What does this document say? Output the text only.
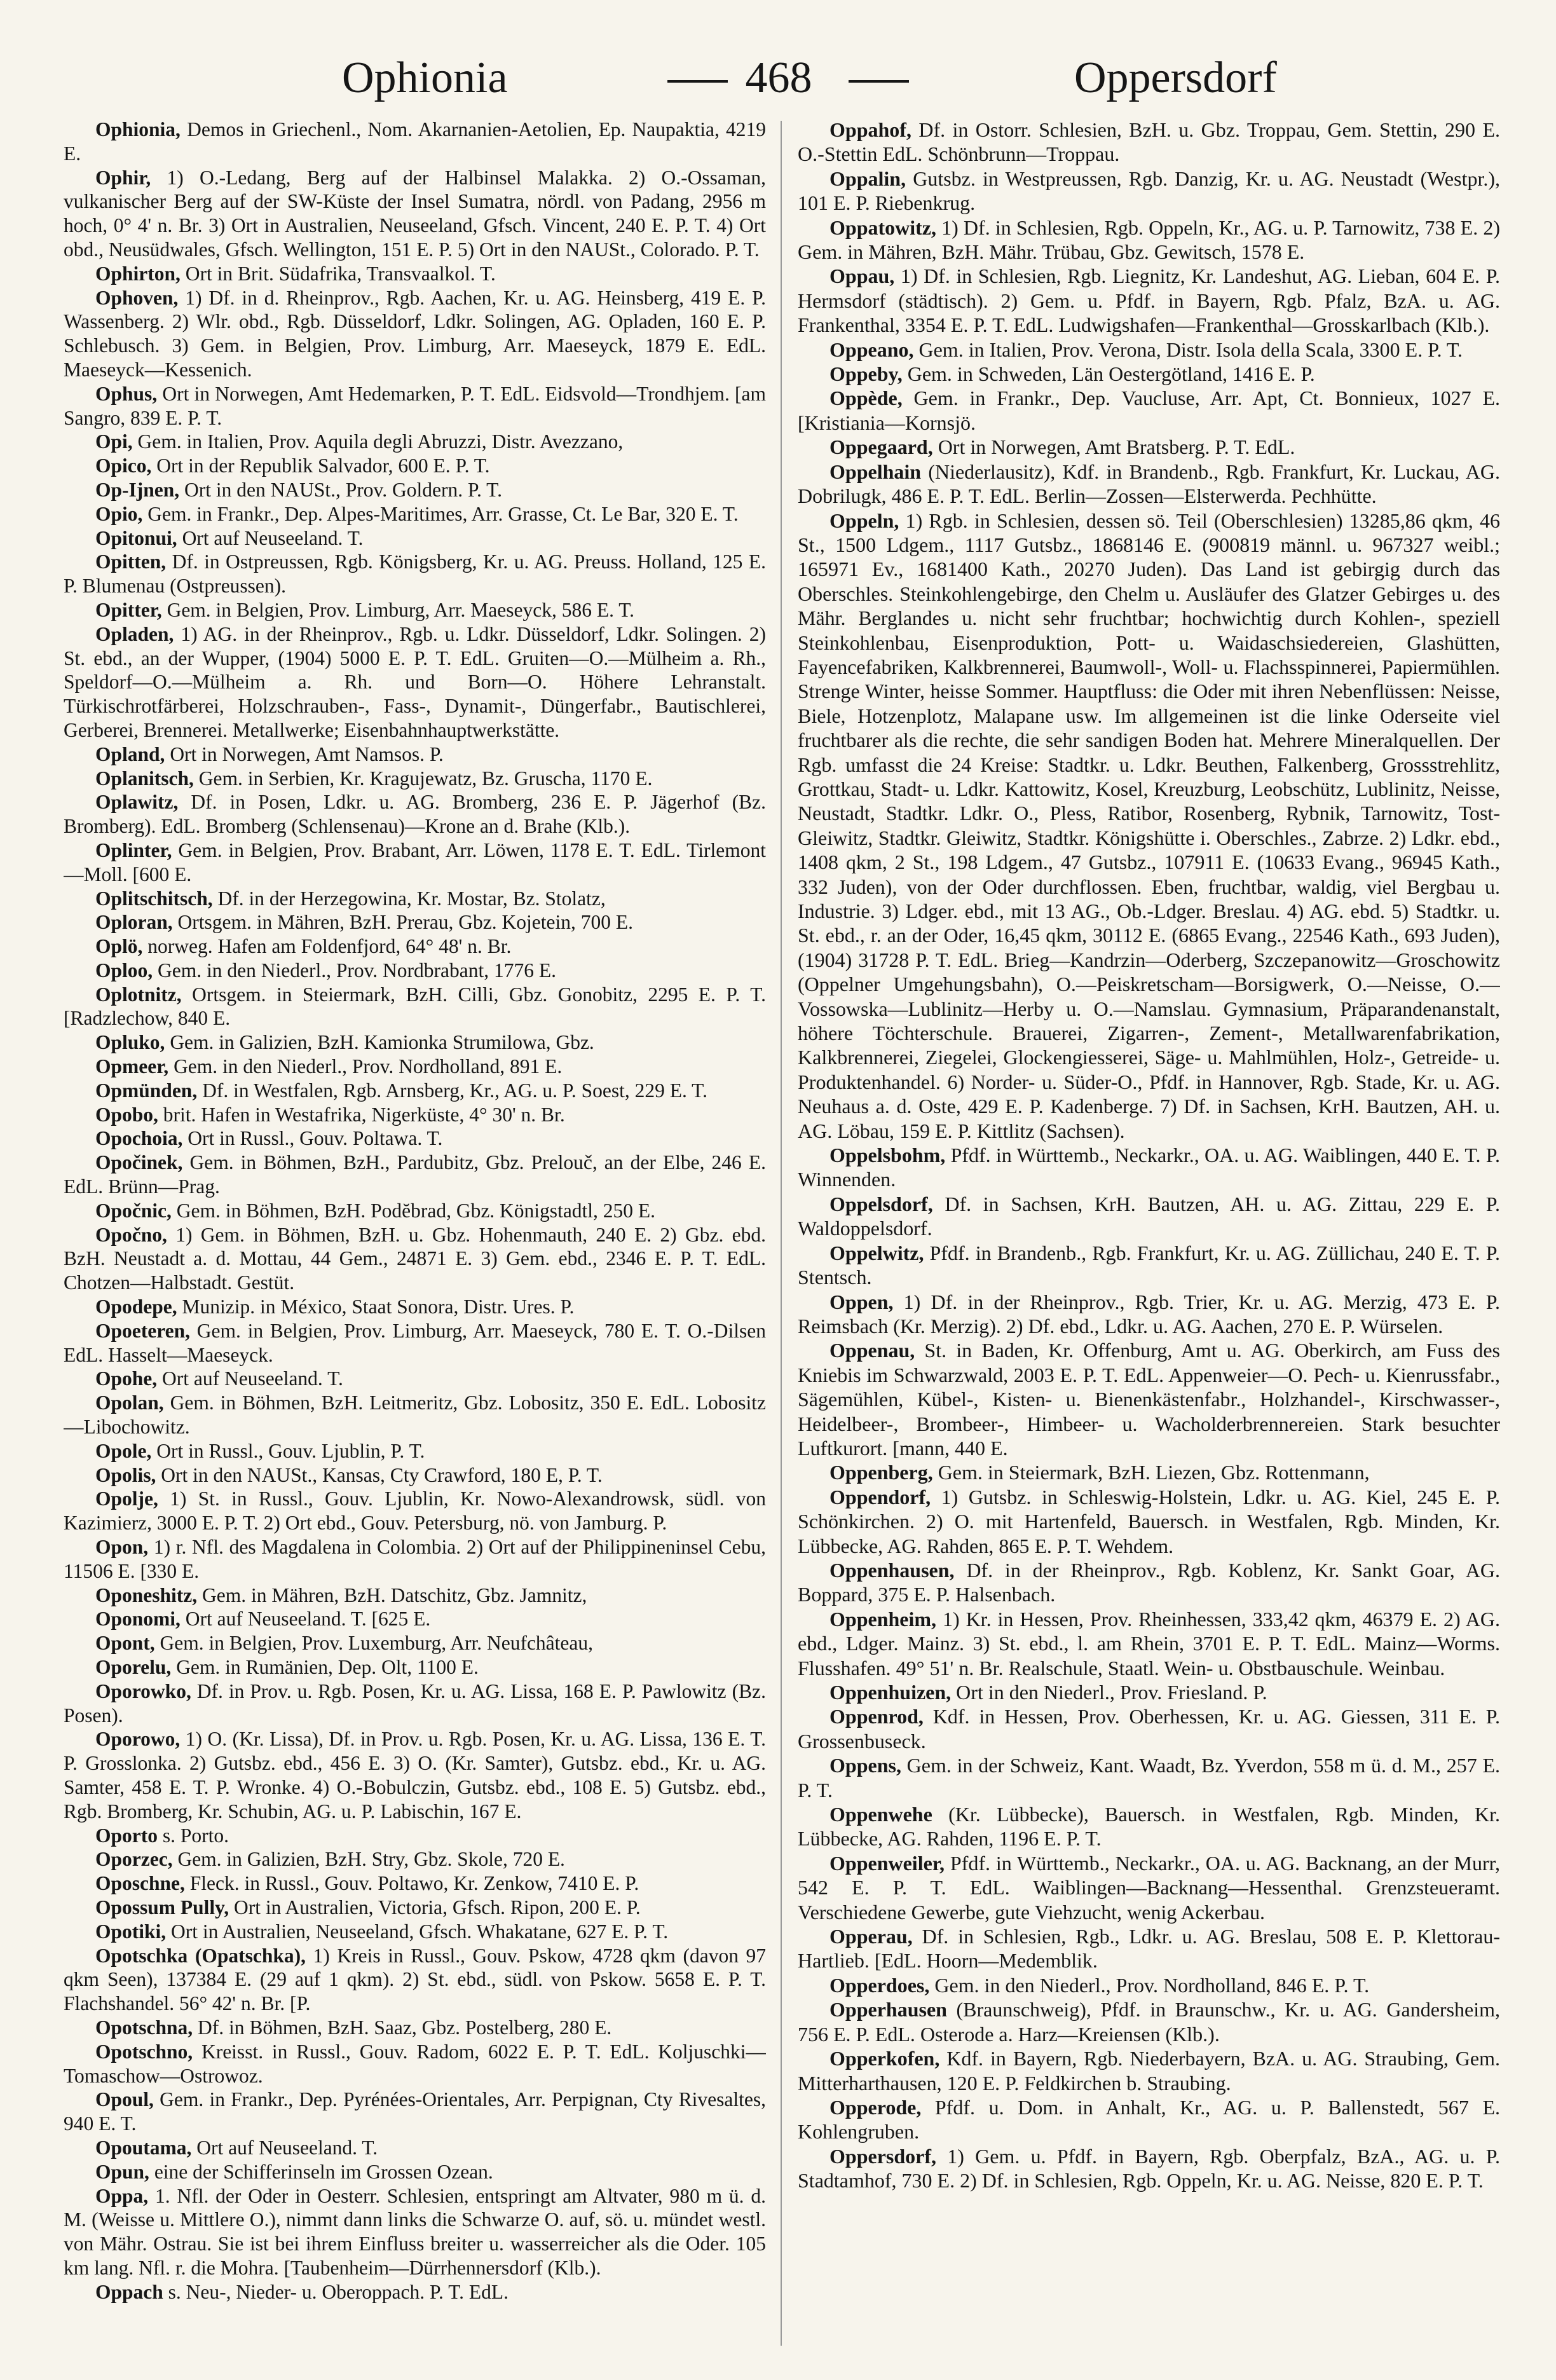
Ophionia	468	Oppersdorf

Ophionia, Demos in Griechenl., Nom. Akarnanien-Aetolien, Ep. Naupaktia, 4219 E.

Ophir, 1) O.-Ledang, Berg auf der Halbinsel Malakka. 2) O.-Ossaman, vulkanischer Berg auf der SW-Küste der Insel Sumatra, nördl. von Padang, 2956 m hoch, 0° 4' n. Br. 3) Ort in Australien, Neuseeland, Gfsch. Vincent, 240 E. P. T. 4) Ort obd., Neusüdwales, Gfsch. Wellington, 151 E. P. 5) Ort in den NAUSt., Colorado. P. T.

Ophirton, Ort in Brit. Südafrika, Transvaalkol. T.

Ophoven, 1) Df. in d. Rheinprov., Rgb. Aachen, Kr. u. AG. Heinsberg, 419 E. P. Wassenberg. 2) Wlr. obd., Rgb. Düsseldorf, Ldkr. Solingen, AG. Opladen, 160 E. P. Schlebusch. 3) Gem. in Belgien, Prov. Limburg, Arr. Maeseyck, 1879 E. EdL. Maeseyck—Kessenich.

Ophus, Ort in Norwegen, Amt Hedemarken, P. T. EdL. Eidsvold—Trondhjem. [am Sangro, 839 E. P. T.

Opi, Gem. in Italien, Prov. Aquila degli Abruzzi, Distr. Avezzano,

Opico, Ort in der Republik Salvador, 600 E. P. T.

Op-Ijnen, Ort in den NAUSt., Prov. Goldern. P. T.

Opio, Gem. in Frankr., Dep. Alpes-Maritimes, Arr. Grasse, Ct. Le Bar, 320 E. T.

Opitonui, Ort auf Neuseeland. T.

Opitten, Df. in Ostpreussen, Rgb. Königsberg, Kr. u. AG. Preuss. Holland, 125 E. P. Blumenau (Ostpreussen).

Opitter, Gem. in Belgien, Prov. Limburg, Arr. Maeseyck, 586 E. T.

Opladen, 1) AG. in der Rheinprov., Rgb. u. Ldkr. Düsseldorf, Ldkr. Solingen. 2) St. ebd., an der Wupper, (1904) 5000 E. P. T. EdL. Gruiten—O.—Mülheim a. Rh., Speldorf—O.—Mülheim a. Rh. und Born—O. Höhere Lehranstalt. Türkischrotfärberei, Holzschrauben-, Fass-, Dynamit-, Düngerfabr., Bautischlerei, Gerberei, Brennerei. Metallwerke; Eisenbahnhauptwerkstätte.

Opland, Ort in Norwegen, Amt Namsos. P.

Oplanitsch, Gem. in Serbien, Kr. Kragujewatz, Bz. Gruscha, 1170 E.

Oplawitz, Df. in Posen, Ldkr. u. AG. Bromberg, 236 E. P. Jägerhof (Bz. Bromberg). EdL. Bromberg (Schlensenau)—Krone an d. Brahe (Klb.).

Oplinter, Gem. in Belgien, Prov. Brabant, Arr. Löwen, 1178 E. T. EdL. Tirlemont—Moll. [600 E.

Oplitschitsch, Df. in der Herzegowina, Kr. Mostar, Bz. Stolatz,

Oploran, Ortsgem. in Mähren, BzH. Prerau, Gbz. Kojetein, 700 E.

Oplö, norweg. Hafen am Foldenfjord, 64° 48' n. Br.

Oploo, Gem. in den Niederl., Prov. Nordbrabant, 1776 E.

Oplotnitz, Ortsgem. in Steiermark, BzH. Cilli, Gbz. Gonobitz, 2295 E. P. T. [Radzlechow, 840 E.

Opluko, Gem. in Galizien, BzH. Kamionka Strumilowa, Gbz.

Opmeer, Gem. in den Niederl., Prov. Nordholland, 891 E.

Opmünden, Df. in Westfalen, Rgb. Arnsberg, Kr., AG. u. P. Soest, 229 E. T.

Opobo, brit. Hafen in Westafrika, Nigerküste, 4° 30' n. Br.

Opochoia, Ort in Russl., Gouv. Poltawa. T.

Opočinek, Gem. in Böhmen, BzH., Pardubitz, Gbz. Prelouč, an der Elbe, 246 E. EdL. Brünn—Prag.

Opočnic, Gem. in Böhmen, BzH. Podĕbrad, Gbz. Königstadtl, 250 E.

Opočno, 1) Gem. in Böhmen, BzH. u. Gbz. Hohenmauth, 240 E. 2) Gbz. ebd. BzH. Neustadt a. d. Mottau, 44 Gem., 24871 E. 3) Gem. ebd., 2346 E. P. T. EdL. Chotzen—Halbstadt. Gestüt.

Opodepe, Munizip. in México, Staat Sonora, Distr. Ures. P.

Opoeteren, Gem. in Belgien, Prov. Limburg, Arr. Maeseyck, 780 E. T. O.-Dilsen EdL. Hasselt—Maeseyck.

Opohe, Ort auf Neuseeland. T.

Opolan, Gem. in Böhmen, BzH. Leitmeritz, Gbz. Lobositz, 350 E. EdL. Lobositz—Libochowitz.

Opole, Ort in Russl., Gouv. Ljublin, P. T.

Opolis, Ort in den NAUSt., Kansas, Cty Crawford, 180 E, P. T.

Opolje, 1) St. in Russl., Gouv. Ljublin, Kr. Nowo-Alexandrowsk, südl. von Kazimierz, 3000 E. P. T. 2) Ort ebd., Gouv. Petersburg, nö. von Jamburg. P.

Opon, 1) r. Nfl. des Magdalena in Colombia. 2) Ort auf der Philippineninsel Cebu, 11506 E. [330 E.

Oponeshitz, Gem. in Mähren, BzH. Datschitz, Gbz. Jamnitz,

Oponomi, Ort auf Neuseeland. T. [625 E.

Opont, Gem. in Belgien, Prov. Luxemburg, Arr. Neufchâteau,

Oporelu, Gem. in Rumänien, Dep. Olt, 1100 E.

Oporowko, Df. in Prov. u. Rgb. Posen, Kr. u. AG. Lissa, 168 E. P. Pawlowitz (Bz. Posen).

Oporowo, 1) O. (Kr. Lissa), Df. in Prov. u. Rgb. Posen, Kr. u. AG. Lissa, 136 E. T. P. Grosslonka. 2) Gutsbz. ebd., 456 E. 3) O. (Kr. Samter), Gutsbz. ebd., Kr. u. AG. Samter, 458 E. T. P. Wronke. 4) O.-Bobulczin, Gutsbz. ebd., 108 E. 5) Gutsbz. ebd., Rgb. Bromberg, Kr. Schubin, AG. u. P. Labischin, 167 E.

Oporto s. Porto.

Oporzec, Gem. in Galizien, BzH. Stry, Gbz. Skole, 720 E.

Oposchne, Fleck. in Russl., Gouv. Poltawo, Kr. Zenkow, 7410 E. P.

Opossum Pully, Ort in Australien, Victoria, Gfsch. Ripon, 200 E. P.

Opotiki, Ort in Australien, Neuseeland, Gfsch. Whakatane, 627 E. P. T.

Opotschka (Opatschka), 1) Kreis in Russl., Gouv. Pskow, 4728 qkm (davon 97 qkm Seen), 137384 E. (29 auf 1 qkm). 2) St. ebd., südl. von Pskow. 5658 E. P. T. Flachshandel. 56° 42' n. Br. [P.

Opotschna, Df. in Böhmen, BzH. Saaz, Gbz. Postelberg, 280 E.

Opotschno, Kreisst. in Russl., Gouv. Radom, 6022 E. P. T. EdL. Koljuschki—Tomaschow—Ostrowoz.

Opoul, Gem. in Frankr., Dep. Pyrénées-Orientales, Arr. Perpignan, Cty Rivesaltes, 940 E. T.

Opoutama, Ort auf Neuseeland. T.

Opun, eine der Schifferinseln im Grossen Ozean.

Oppa, 1. Nfl. der Oder in Oesterr. Schlesien, entspringt am Altvater, 980 m ü. d. M. (Weisse u. Mittlere O.), nimmt dann links die Schwarze O. auf, sö. u. mündet westl. von Mähr. Ostrau. Sie ist bei ihrem Einfluss breiter u. wasserreicher als die Oder. 105 km lang. Nfl. r. die Mohra. [Taubenheim—Dürrhennersdorf (Klb.).

Oppach s. Neu-, Nieder- u. Oberoppach. P. T. EdL.

Oppahof, Df. in Ostorr. Schlesien, BzH. u. Gbz. Troppau, Gem. Stettin, 290 E. O.-Stettin EdL. Schönbrunn—Troppau.

Oppalin, Gutsbz. in Westpreussen, Rgb. Danzig, Kr. u. AG. Neustadt (Westpr.), 101 E. P. Riebenkrug.

Oppatowitz, 1) Df. in Schlesien, Rgb. Oppeln, Kr., AG. u. P. Tarnowitz, 738 E. 2) Gem. in Mähren, BzH. Mähr. Trübau, Gbz. Gewitsch, 1578 E.

Oppau, 1) Df. in Schlesien, Rgb. Liegnitz, Kr. Landeshut, AG. Lieban, 604 E. P. Hermsdorf (städtisch). 2) Gem. u. Pfdf. in Bayern, Rgb. Pfalz, BzA. u. AG. Frankenthal, 3354 E. P. T. EdL. Ludwigshafen—Frankenthal—Grosskarlbach (Klb.).

Oppeano, Gem. in Italien, Prov. Verona, Distr. Isola della Scala, 3300 E. P. T.

Oppeby, Gem. in Schweden, Län Oestergötland, 1416 E. P.

Oppède, Gem. in Frankr., Dep. Vaucluse, Arr. Apt, Ct. Bonnieux, 1027 E. [Kristiania—Kornsjö.

Oppegaard, Ort in Norwegen, Amt Bratsberg. P. T. EdL.

Oppelhain (Niederlausitz), Kdf. in Brandenb., Rgb. Frankfurt, Kr. Luckau, AG. Dobrilugk, 486 E. P. T. EdL. Berlin—Zossen—Elsterwerda. Pechhütte.

Oppeln, 1) Rgb. in Schlesien, dessen sö. Teil (Oberschlesien) 13285,86 qkm, 46 St., 1500 Ldgem., 1117 Gutsbz., 1868146 E. (900819 männl. u. 967327 weibl.; 165971 Ev., 1681400 Kath., 20270 Juden). Das Land ist gebirgig durch das Oberschles. Steinkohlengebirge, den Chelm u. Ausläufer des Glatzer Gebirges u. des Mähr. Berglandes u. nicht sehr fruchtbar; hochwichtig durch Kohlen-, speziell Steinkohlenbau, Eisenproduktion, Pott- u. Waidaschsiedereien, Glashütten, Fayencefabriken, Kalkbrennerei, Baumwoll-, Woll- u. Flachsspinnerei, Papiermühlen. Strenge Winter, heisse Sommer. Hauptfluss: die Oder mit ihren Nebenflüssen: Neisse, Biele, Hotzenplotz, Malapane usw. Im allgemeinen ist die linke Oderseite viel fruchtbarer als die rechte, die sehr sandigen Boden hat. Mehrere Mineralquellen. Der Rgb. umfasst die 24 Kreise: Stadtkr. u. Ldkr. Beuthen, Falkenberg, Grossstrehlitz, Grottkau, Stadt- u. Ldkr. Kattowitz, Kosel, Kreuzburg, Leobschütz, Lublinitz, Neisse, Neustadt, Stadtkr. Ldkr. O., Pless, Ratibor, Rosenberg, Rybnik, Tarnowitz, Tost-Gleiwitz, Stadtkr. Gleiwitz, Stadtkr. Königshütte i. Oberschles., Zabrze. 2) Ldkr. ebd., 1408 qkm, 2 St., 198 Ldgem., 47 Gutsbz., 107911 E. (10633 Evang., 96945 Kath., 332 Juden), von der Oder durchflossen. Eben, fruchtbar, waldig, viel Bergbau u. Industrie. 3) Ldger. ebd., mit 13 AG., Ob.-Ldger. Breslau. 4) AG. ebd. 5) Stadtkr. u. St. ebd., r. an der Oder, 16,45 qkm, 30112 E. (6865 Evang., 22546 Kath., 693 Juden), (1904) 31728 P. T. EdL. Brieg—Kandrzin—Oderberg, Szczepanowitz—Groschowitz (Oppelner Umgehungsbahn), O.—Peiskretscham—Borsigwerk, O.—Neisse, O.—Vossowska—Lublinitz—Herby u. O.—Namslau. Gymnasium, Präparandenanstalt, höhere Töchterschule. Brauerei, Zigarren-, Zement-, Metallwarenfabrikation, Kalkbrennerei, Ziegelei, Glockengiesserei, Säge- u. Mahlmühlen, Holz-, Getreide- u. Produktenhandel. 6) Norder- u. Süder-O., Pfdf. in Hannover, Rgb. Stade, Kr. u. AG. Neuhaus a. d. Oste, 429 E. P. Kadenberge. 7) Df. in Sachsen, KrH. Bautzen, AH. u. AG. Löbau, 159 E. P. Kittlitz (Sachsen).

Oppelsbohm, Pfdf. in Württemb., Neckarkr., OA. u. AG. Waiblingen, 440 E. T. P. Winnenden.

Oppelsdorf, Df. in Sachsen, KrH. Bautzen, AH. u. AG. Zittau, 229 E. P. Waldoppelsdorf.

Oppelwitz, Pfdf. in Brandenb., Rgb. Frankfurt, Kr. u. AG. Züllichau, 240 E. T. P. Stentsch.

Oppen, 1) Df. in der Rheinprov., Rgb. Trier, Kr. u. AG. Merzig, 473 E. P. Reimsbach (Kr. Merzig). 2) Df. ebd., Ldkr. u. AG. Aachen, 270 E. P. Würselen.

Oppenau, St. in Baden, Kr. Offenburg, Amt u. AG. Oberkirch, am Fuss des Kniebis im Schwarzwald, 2003 E. P. T. EdL. Appenweier—O. Pech- u. Kienrussfabr., Sägemühlen, Kübel-, Kisten- u. Bienenkästenfabr., Holzhandel-, Kirschwasser-, Heidelbeer-, Brombeer-, Himbeer- u. Wacholderbrennereien. Stark besuchter Luftkurort. [mann, 440 E.

Oppenberg, Gem. in Steiermark, BzH. Liezen, Gbz. Rottenmann,

Oppendorf, 1) Gutsbz. in Schleswig-Holstein, Ldkr. u. AG. Kiel, 245 E. P. Schönkirchen. 2) O. mit Hartenfeld, Bauersch. in Westfalen, Rgb. Minden, Kr. Lübbecke, AG. Rahden, 865 E. P. T. Wehdem.

Oppenhausen, Df. in der Rheinprov., Rgb. Koblenz, Kr. Sankt Goar, AG. Boppard, 375 E. P. Halsenbach.

Oppenheim, 1) Kr. in Hessen, Prov. Rheinhessen, 333,42 qkm, 46379 E. 2) AG. ebd., Ldger. Mainz. 3) St. ebd., l. am Rhein, 3701 E. P. T. EdL. Mainz—Worms. Flusshafen. 49° 51' n. Br. Realschule, Staatl. Wein- u. Obstbauschule. Weinbau.

Oppenhuizen, Ort in den Niederl., Prov. Friesland. P.

Oppenrod, Kdf. in Hessen, Prov. Oberhessen, Kr. u. AG. Giessen, 311 E. P. Grossenbuseck.

Oppens, Gem. in der Schweiz, Kant. Waadt, Bz. Yverdon, 558 m ü. d. M., 257 E. P. T.

Oppenwehe (Kr. Lübbecke), Bauersch. in Westfalen, Rgb. Minden, Kr. Lübbecke, AG. Rahden, 1196 E. P. T.

Oppenweiler, Pfdf. in Württemb., Neckarkr., OA. u. AG. Backnang, an der Murr, 542 E. P. T. EdL. Waiblingen—Backnang—Hessenthal. Grenzsteueramt. Verschiedene Gewerbe, gute Viehzucht, wenig Ackerbau.

Opperau, Df. in Schlesien, Rgb., Ldkr. u. AG. Breslau, 508 E. P. Klettorau-Hartlieb. [EdL. Hoorn—Medemblik.

Opperdoes, Gem. in den Niederl., Prov. Nordholland, 846 E. P. T.

Opperhausen (Braunschweig), Pfdf. in Braunschw., Kr. u. AG. Gandersheim, 756 E. P. EdL. Osterode a. Harz—Kreiensen (Klb.).

Opperkofen, Kdf. in Bayern, Rgb. Niederbayern, BzA. u. AG. Straubing, Gem. Mitterharthausen, 120 E. P. Feldkirchen b. Straubing.

Opperode, Pfdf. u. Dom. in Anhalt, Kr., AG. u. P. Ballenstedt, 567 E. Kohlengruben.

Oppersdorf, 1) Gem. u. Pfdf. in Bayern, Rgb. Oberpfalz, BzA., AG. u. P. Stadtamhof, 730 E. 2) Df. in Schlesien, Rgb. Oppeln, Kr. u. AG. Neisse, 820 E. P. T.
